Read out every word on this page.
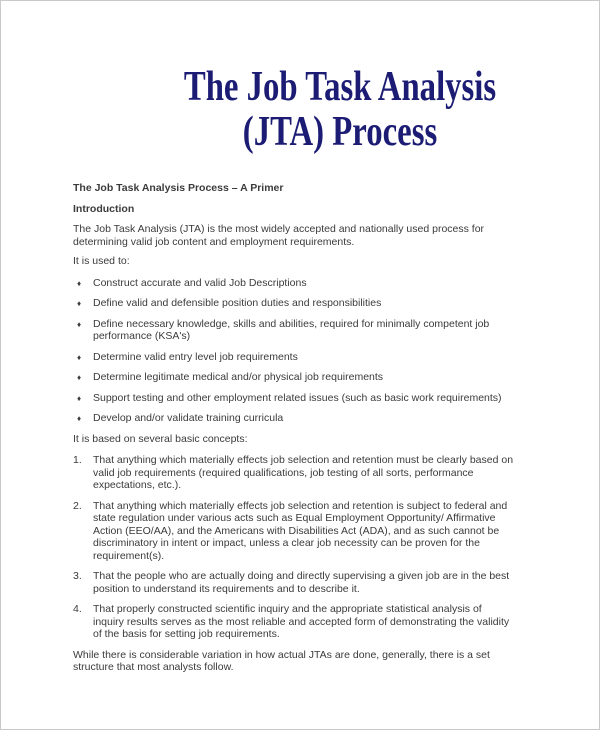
The Job Task Analysis
(JTA) Process
The Job Task Analysis Process – A Primer
Introduction
The Job Task Analysis (JTA) is the most widely accepted and nationally used process for determining valid job content and employment requirements.
It is used to:
♦ Construct accurate and valid Job Descriptions
♦ Define valid and defensible position duties and responsibilities
♦ Define necessary knowledge, skills and abilities, required for minimally competent job performance (KSA's)
♦ Determine valid entry level job requirements
♦ Determine legitimate medical and/or physical job requirements
♦ Support testing and other employment related issues (such as basic work requirements)
♦ Develop and/or validate training curricula
It is based on several basic concepts:
1.	That anything which materially effects job selection and retention must be clearly based on valid job requirements (required qualifications, job testing of all sorts, performance expectations, etc.).
2.	That anything which materially effects job selection and retention is subject to federal and state regulation under various acts such as Equal Employment Opportunity/ Affirmative Action (EEO/AA), and the Americans with Disabilities Act (ADA), and as such cannot be discriminatory in intent or impact, unless a clear job necessity can be proven for the requirement(s).
3.	That the people who are actually doing and directly supervising a given job are in the best position to understand its requirements and to describe it.
4.	That properly constructed scientific inquiry and the appropriate statistical analysis of inquiry results serves as the most reliable and accepted form of demonstrating the validity of the basis for setting job requirements.
While there is considerable variation in how actual JTAs are done, generally, there is a set structure that most analysts follow.
